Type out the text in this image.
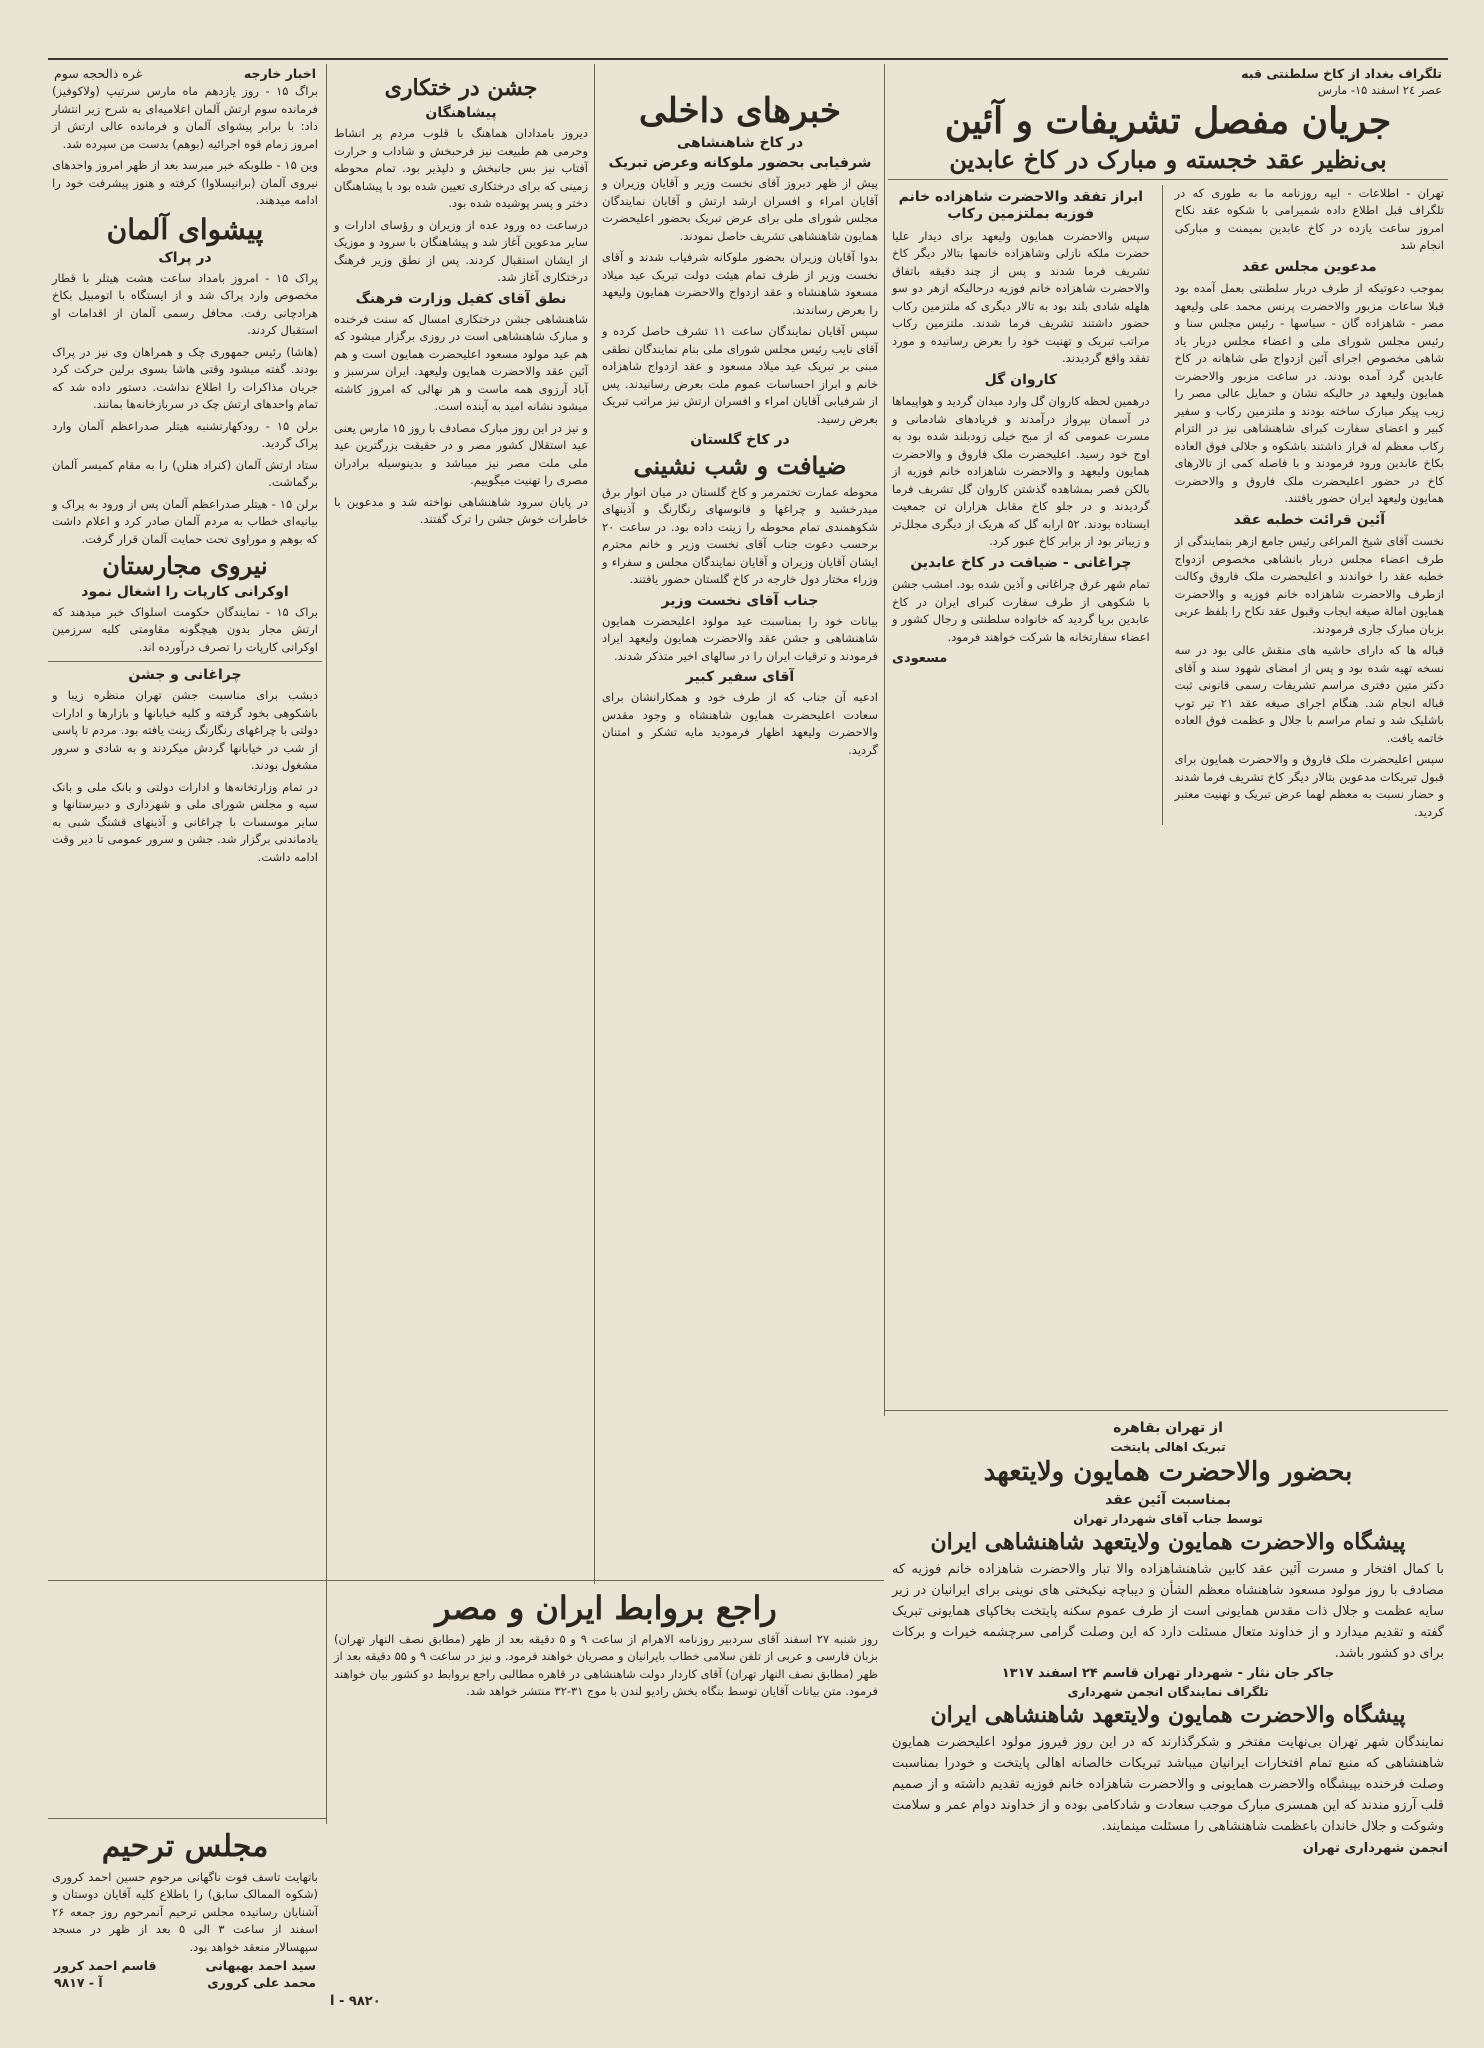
تلگراف بغداد از کاخ سلطنتی قبه
عصر ۲٤ اسفند ۱۵- مارس
جریان مفصل تشریفات و آئین
بی‌نظیر عقد خجسته و مبارک در کاخ عابدین

تهران - اطلاعات - ایپه روزنامه ما به طوری که در تلگراف قبل اطلاع داده شمیرامی با شکوه عقد نکاح امروز ساعت یازده در کاخ عابدین بمیمنت و مبارکی انجام شد

مدعوین مجلس عقد

بموجب دعوتیکه از طرف دربار سلطنتی بعمل آمده بود قبلا ساعات مزبور والاحضرت پرنس محمد علی ولیعهد مصر - شاهزاده گان - سیاسها - رئیس مجلس سنا و رئیس مجلس شورای ملی و اعضاء مجلس دربار یاد شاهی مخصوص اجرای آئین ازدواج طی شاهانه در کاخ عابدین گرد آمده بودند. در ساعت مزبور والاحضرت همایون ولیعهد در حالیکه نشان و حمایل عالی مصر را زیب پیکر مبارک ساخته بودند و ملتزمین رکاب و سفیر کبیر و اعضای سفارت کبرای شاهنشاهی نیز در التزام رکاب معظم له قرار داشتند باشکوه و جلالی فوق العاده بکاخ عابدین ورود فرمودند و با فاصله کمی از تالارهای کاخ در حضور اعلیحضرت ملک فاروق و والاحضرت همایون ولیعهد ایران حضور یافتند.

آئین قرائت خطبه عقد

نخست آقای شیخ المراغی رئیس جامع ازهر بنمایندگی از طرف اعضاء مجلس دربار بانشاهی مخصوص ازدواج خطبه عقد را خواندند و اعلیحضرت ملک فاروق وکالت ازطرف والاحضرت شاهزاده خانم فوزیه و والاحضرت همایون امالة صیغه ایجاب وقبول عقد نکاح را بلفظ عربی بزبان مبارک جاری فرمودند.

قباله ها که دارای حاشیه های منقش عالی بود در سه نسخه تهیه شده بود و پس از امضای شهود سند و آقای دکتر متین دفتری مراسم تشریفات رسمی قانونی ثبت قباله انجام شد. هنگام اجرای صیغه عقد ۲۱ تیر توپ باشلیک شد و تمام مراسم با جلال و عظمت فوق العاده خاتمه یافت.

سپس اعلیحضرت ملک فاروق و والاحضرت همایون برای قبول تبریکات مدعوین بتالار دیگر کاخ تشریف فرما شدند و حضار نسبت به معظم لهما عرض تبریک و تهنیت معتبر کردید.

ابراز تفقد والاحضرت شاهزاده خانم فوزیه بملتزمین رکاب

سپس والاحضرت همایون ولیعهد برای دیدار علیا حضرت ملکه نازلی وشاهزاده خانمها بتالار دیگر کاخ تشریف فرما شدند و پس از چند دقیقه باتفاق والاحضرت شاهزاده خانم فوزیه درحالیکه ازهر دو سو هلهله شادی بلند بود به تالار دیگری که ملتزمین رکاب حضور داشتند تشریف فرما شدند. ملتزمین رکاب مراتب تبریک و تهنیت خود را بعرض رسانیده و مورد تفقد واقع گردیدند.

کاروان گل

درهمین لحظه کاروان گل وارد میدان گردید و هواپیماها در آسمان بپرواز درآمدند و فریادهای شادمانی و مسرت عمومی که از مبح خیلی زودبلند شده بود به اوج خود رسید. اعلیحضرت ملک فاروق و والاحضرت همایون ولیعهد و والاحضرت شاهزاده خانم فوزیه از بالکن قصر بمشاهده گذشتن کاروان گل تشریف فرما گردیدند و در جلو کاخ مقابل هزاران تن جمعیت ایستاده بودند. ۵۲ ارابه گل که هریک از دیگری مجلل‌تر و زیباتر بود از برابر کاخ عبور کرد.

چراغانی - ضیافت در کاخ عابدین

تمام شهر غرق چراغانی و آذین شده بود. امشب جشن با شکوهی از طرف سفارت کبرای ایران در کاخ عابدین برپا گردید که خانواده سلطنتی و رجال کشور و اعضاء سفارتخانه ها شرکت خواهند فرمود.

مسعودی
از تهران بقاهره
تبریک اهالی پایتخت
بحضور والاحضرت همایون ولایتعهد
بمناسبت آئین عقد
توسط جناب آقای شهردار تهران
پیشگاه والاحضرت همایون ولایتعهد شاهنشاهی ایران
با کمال افتخار و مسرت آئین عقد کابین شاهنشاهزاده والا تبار والاحضرت شاهزاده خانم فوزیه که مصادف با روز مولود مسعود شاهنشاه معظم الشأن و دیباچه نیکبختی های نوینی برای ایرانیان در زیر سایه عظمت و جلال ذات مقدس همایونی است از طرف عموم سکنه پایتخت بخاکپای همایونی تبریک گفته و تقدیم میدارد و از خداوند متعال مسئلت دارد که این وصلت گرامی سرچشمه خیرات و برکات برای دو کشور باشد.
جاکر جان نثار - شهردار تهران قاسم ۲۴ اسفند ۱۳۱۷
تلگراف نمایندگان انجمن شهرداری
پیشگاه والاحضرت همایون ولایتعهد شاهنشاهی ایران
نمایندگان شهر تهران بی‌نهایت مفتخر و شکرگذارند که در این روز فیروز مولود اعلیحضرت همایون شاهنشاهی که منبع تمام افتخارات ایرانیان میباشد تبریکات خالصانه اهالی پایتخت و خودرا بمناسبت وصلت فرخنده بپیشگاه والاحضرت همایونی و والاحضرت شاهزاده خانم فوزیه تقدیم داشته و از صمیم قلب آرزو مندند که این همسری مبارک موجب سعادت و شادکامی بوده و از خداوند دوام عمر و سلامت وشوکت و جلال خاندان باعظمت شاهنشاهی را مسئلت مینمایند.
انجمن شهرداری تهران
خبرهای داخلی
در کاخ شاهنشاهی
شرفیابی بحضور ملوکانه وعرض تبریک

پیش از ظهر دیروز آقای نخست وزیر و آقایان وزیران و آقایان امراء و افسران ارشد ارتش و آقایان نمایندگان مجلس شورای ملی برای عرض تبریک بحضور اعلیحضرت همایون شاهنشاهی تشریف حاصل نمودند.

بدوا آقایان وزیران بحضور ملوکانه شرفیاب شدند و آقای نخست وزیر از طرف تمام هیئت دولت تبریک عید میلاد مسعود شاهنشاه و عقد ازدواج والاحضرت همایون ولیعهد را بعرض رساندند.

سپس آقایان نمایندگان ساعت ۱۱ تشرف حاصل کرده و آقای نایب رئیس مجلس شورای ملی بنام نمایندگان نطقی مبنی بر تبریک عید میلاد مسعود و عقد ازدواج شاهزاده خانم و ابراز احساسات عموم ملت بعرض رسانیدند. پس از شرفیابی آقایان امراء و افسران ارتش نیز مراتب تبریک بعرض رسید.

در کاخ گلستان
ضیافت و شب نشینی

محوطه عمارت تختمرمر و کاخ گلستان در میان انوار برق میدرخشید و چراغها و فانوسهای رنگارنگ و آذینهای شکوهمندی تمام محوطه را زینت داده بود. در ساعت ۲۰ برحسب دعوت جناب آقای نخست وزیر و خانم محترم ایشان آقایان وزیران و آقایان نمایندگان مجلس و سفراء و وزراء مختار دول خارجه در کاخ گلستان حضور یافتند.

جناب آقای نخست وزیر

بیانات خود را بمناسبت عید مولود اعلیحضرت همایون شاهنشاهی و جشن عقد والاحضرت همایون ولیعهد ایراد فرمودند و ترقیات ایران را در سالهای اخیر متذکر شدند.

آقای سفیر کبیر

ادعیه آن جناب که از طرف خود و همکارانشان برای سعادت اعلیحضرت همایون شاهنشاه و وجود مقدس والاحضرت ولیعهد اظهار فرمودید مایه تشکر و امتنان گردید.

جشن در ختکاری
پیشاهنگان

دیروز بامدادان هماهنگ با قلوب مردم پر انشاط وحرمی هم طبیعت نیز فرحبخش و شاداب و حرارت آفتاب نیز بس جانبخش و دلپذیر بود. تمام محوطه زمینی که برای درختکاری تعیین شده بود با پیشاهنگان دختر و پسر پوشیده شده بود.

درساعت ده ورود عده از وزیران و رؤسای ادارات و سایر مدعوین آغاز شد و پیشاهنگان با سرود و موزیک از ایشان استقبال کردند. پس از نطق وزیر فرهنگ درختکاری آغاز شد.

نطق آقای کفیل وزارت فرهنگ

شاهنشاهی جشن درختکاری امسال که سنت فرخنده و مبارک شاهنشاهی است در روزی برگزار میشود که هم عید مولود مسعود اعلیحضرت همایون است و هم آئین عقد والاحضرت همایون ولیعهد. ایران سرسبز و آباد آرزوی همه ماست و هر نهالی که امروز کاشته میشود نشانه امید به آینده است.

و نیز در این روز مبارک مصادف با روز ۱۵ مارس یعنی عید استقلال کشور مصر و در حقیقت بزرگترین عید ملی ملت مصر نیز میباشد و بدینوسیله برادران مصری را تهنیت میگوییم.

در پایان سرود شاهنشاهی نواخته شد و مدعوین با خاطرات خوش جشن را ترک گفتند.

راجع بروابط ایران و مصر
روز شنبه ۲۷ اسفند آقای سردبیر روزنامه الاهرام از ساعت ۹ و ۵ دقیقه بعد از ظهر (مطابق نصف النهار تهران) بزبان فارسی و عربی از تلفن سلامی خطاب بایرانیان و مصریان خواهند فرمود. و نیز در ساعت ۹ و ۵۵ دقیقه بعد از ظهر (مطابق نصف النهار تهران) آقای کاردار دولت شاهنشاهی در قاهره مطالبی راجع بروابط دو کشور بیان خواهند فرمود. متن بیانات آقایان توسط بنگاه بخش رادیو لندن با موج ۳۱-۳۲ منتشر خواهد شد.
اخبار خارجه
غره ذالحجه سوم

براگ ۱۵ - روز یازدهم ماه مارس سرتیپ (ولاکوفیز) فرمانده سوم ارتش آلمان اعلامیه‌ای به شرح زیر انتشار داد: با برابر پیشوای آلمان و فرمانده عالی ارتش از امروز زمام قوه اجرائیه (بوهم) بدست من سپرده شد.

وین ۱۵ - طلوبکه خبر میرسد بعد از ظهر امروز واحدهای نیروی آلمان (برانیسلاوا) کرفته و هنوز پیشرفت خود را ادامه میدهند.

پیشوای آلمان
در پراک

پراک ۱۵ - امروز بامداد ساعت هشت هیتلر با قطار مخصوص وارد پراک شد و از ایستگاه با اتومبیل بکاخ هرادچانی رفت. محافل رسمی آلمان از اقدامات او استقبال کردند.

(هاشا) رئیس جمهوری چک و همراهان وی نیز در پراک بودند. گفته میشود وقتی هاشا بسوی برلین حرکت کرد جریان مذاکرات را اطلاع نداشت. دستور داده شد که تمام واحدهای ارتش چک در سربازخانه‌ها بمانند.

برلن ۱۵ - رودکهارتشنبه هیتلر صدراعظم آلمان وارد پراک گردید.

ستاد ارتش آلمان (کنراد هنلن) را به مقام کمیسر آلمان برگماشت.

برلن ۱۵ - هیتلر صدراعظم آلمان پس از ورود به پراک و بیانیه‌ای خطاب به مردم آلمان صادر کرد و اعلام داشت که بوهم و موراوی تحت حمایت آلمان قرار گرفت.

نیروی مجارستان
اوکرانی کارپات را اشغال نمود

براک ۱۵ - نمایندگان حکومت اسلواک خبر میدهند که ارتش مجار بدون هیچگونه مقاومتی کلیه سرزمین اوکرانی کارپات را تصرف درآورده اند.

چراغانی و جشن

دیشب برای مناسبت جشن تهران منظره زیبا و باشکوهی بخود گرفته و کلیه خیابانها و بازارها و ادارات دولتی با چراغهای رنگارنگ زینت یافته بود. مردم تا پاسی از شب در خیابانها گردش میکردند و به شادی و سرور مشغول بودند.

در تمام وزارتخانه‌ها و ادارات دولتی و بانک ملی و بانک سپه و مجلس شورای ملی و شهرداری و دبیرستانها و سایر موسسات با چراغانی و آذینهای قشنگ شبی به یادماندنی برگزار شد. جشن و سرور عمومی تا دیر وقت ادامه داشت.

مجلس ترحیم
باتهایت تاسف فوت ناگهانی مرحوم حسین احمد کروری (شکوه الممالک سابق) را باطلاع کلیه آقایان دوستان و آشنایان رسانیده مجلس ترحیم آنمرحوم روز جمعه ۲۶ اسفند از ساعت ۳ الی ۵ بعد از ظهر در مسجد سپهسالار منعقد خواهد بود.
سید احمد بهبهانی
قاسم احمد کرور
محمد علی کروری
آ - ۹۸۱۷
۹۸۲۰ - آ
